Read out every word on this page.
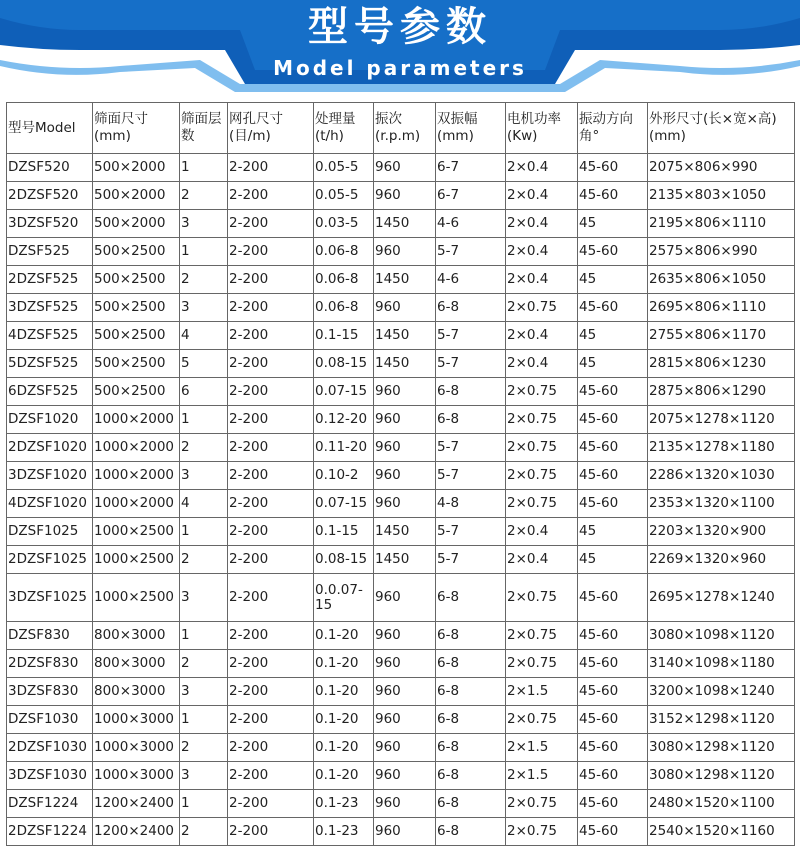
型号参数
Model parameters
型号Model	筛面尺寸(mm)	筛面层数	网孔尺寸(目/m)	处理量(t/h)	振次(r.p.m)	双振幅(mm)	电机功率(Kw)	振动方向角°	外形尺寸(长×宽×高)(mm)
DZSF520	500×2000	1	2-200	0.05-5	960	6-7	2×0.4	45-60	2075×806×990
2DZSF520	500×2000	2	2-200	0.05-5	960	6-7	2×0.4	45-60	2135×803×1050
3DZSF520	500×2000	3	2-200	0.03-5	1450	4-6	2×0.4	45	2195×806×1110
DZSF525	500×2500	1	2-200	0.06-8	960	5-7	2×0.4	45-60	2575×806×990
2DZSF525	500×2500	2	2-200	0.06-8	1450	4-6	2×0.4	45	2635×806×1050
3DZSF525	500×2500	3	2-200	0.06-8	960	6-8	2×0.75	45-60	2695×806×1110
4DZSF525	500×2500	4	2-200	0.1-15	1450	5-7	2×0.4	45	2755×806×1170
5DZSF525	500×2500	5	2-200	0.08-15	1450	5-7	2×0.4	45	2815×806×1230
6DZSF525	500×2500	6	2-200	0.07-15	960	6-8	2×0.75	45-60	2875×806×1290
DZSF1020	1000×2000	1	2-200	0.12-20	960	6-8	2×0.75	45-60	2075×1278×1120
2DZSF1020	1000×2000	2	2-200	0.11-20	960	5-7	2×0.75	45-60	2135×1278×1180
3DZSF1020	1000×2000	3	2-200	0.10-2	960	5-7	2×0.75	45-60	2286×1320×1030
4DZSF1020	1000×2000	4	2-200	0.07-15	960	4-8	2×0.75	45-60	2353×1320×1100
DZSF1025	1000×2500	1	2-200	0.1-15	1450	5-7	2×0.4	45	2203×1320×900
2DZSF1025	1000×2500	2	2-200	0.08-15	1450	5-7	2×0.4	45	2269×1320×960
3DZSF1025	1000×2500	3	2-200	0.0.07-15	960	6-8	2×0.75	45-60	2695×1278×1240
DZSF830	800×3000	1	2-200	0.1-20	960	6-8	2×0.75	45-60	3080×1098×1120
2DZSF830	800×3000	2	2-200	0.1-20	960	6-8	2×0.75	45-60	3140×1098×1180
3DZSF830	800×3000	3	2-200	0.1-20	960	6-8	2×1.5	45-60	3200×1098×1240
DZSF1030	1000×3000	1	2-200	0.1-20	960	6-8	2×0.75	45-60	3152×1298×1120
2DZSF1030	1000×3000	2	2-200	0.1-20	960	6-8	2×1.5	45-60	3080×1298×1120
3DZSF1030	1000×3000	3	2-200	0.1-20	960	6-8	2×1.5	45-60	3080×1298×1120
DZSF1224	1200×2400	1	2-200	0.1-23	960	6-8	2×0.75	45-60	2480×1520×1100
2DZSF1224	1200×2400	2	2-200	0.1-23	960	6-8	2×0.75	45-60	2540×1520×1160
